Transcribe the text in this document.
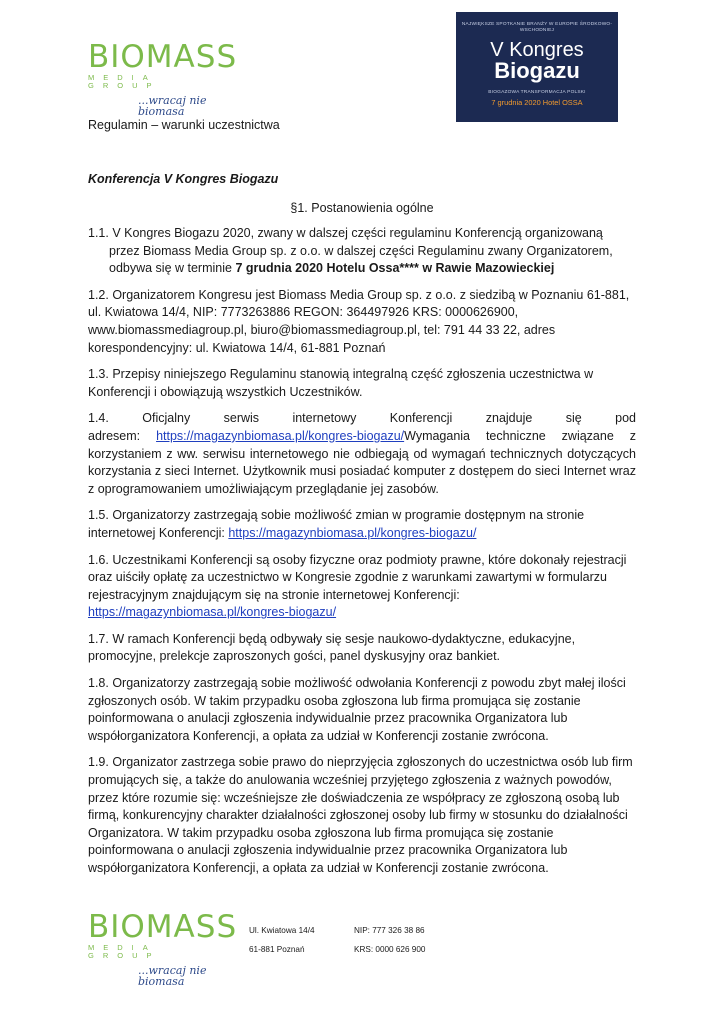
BIOMASS
MEDIA GROUP
...wracaj nie biomasa
NAJWIĘKSZE SPOTKANIE BRANŻY W EUROPIE ŚRODKOWO-WSCHODNIEJ
V Kongres
Biogazu
BIOGAZOWA TRANSFORMACJA POLSKI
7 grudnia 2020 Hotel OSSA
Regulamin – warunki uczestnictwa
Konferencja V Kongres Biogazu
§1. Postanowienia ogólne

1.1. V Kongres Biogazu 2020, zwany w dalszej części regulaminu Konferencją organizowaną przez Biomass Media Group sp. z o.o. w dalszej części Regulaminu zwany Organizatorem, odbywa się w terminie 7 grudnia 2020 Hotelu Ossa**** w Rawie Mazowieckiej

1.2. Organizatorem Kongresu jest Biomass Media Group sp. z o.o. z siedzibą w Poznaniu 61-881, ul. Kwiatowa 14/4, NIP: 7773263886 REGON: 364497926 KRS: 0000626900, www.biomassmediagroup.pl, biuro@biomassmediagroup.pl, tel: 791 44 33 22, adres korespondencyjny: ul. Kwiatowa 14/4, 61-881 Poznań

1.3. Przepisy niniejszego Regulaminu stanowią integralną część zgłoszenia uczestnictwa w Konferencji i obowiązują wszystkich Uczestników.

1.4. Oficjalny serwis internetowy Konferencji znajduje się pod adresem: https://magazynbiomasa.pl/kongres-biogazu/Wymagania techniczne związane z korzystaniem z ww. serwisu internetowego nie odbiegają od wymagań technicznych dotyczących korzystania z sieci Internet. Użytkownik musi posiadać komputer z dostępem do sieci Internet wraz z oprogramowaniem umożliwiającym przeglądanie jej zasobów.

1.5. Organizatorzy zastrzegają sobie możliwość zmian w programie dostępnym na stronie internetowej Konferencji: https://magazynbiomasa.pl/kongres-biogazu/

1.6. Uczestnikami Konferencji są osoby fizyczne oraz podmioty prawne, które dokonały rejestracji oraz uiściły opłatę za uczestnictwo w Kongresie zgodnie z warunkami zawartymi w formularzu rejestracyjnym znajdującym się na stronie internetowej Konferencji: https://magazynbiomasa.pl/kongres-biogazu/

1.7. W ramach Konferencji będą odbywały się sesje naukowo-dydaktyczne, edukacyjne, promocyjne, prelekcje zaproszonych gości, panel dyskusyjny oraz bankiet.

1.8. Organizatorzy zastrzegają sobie możliwość odwołania Konferencji z powodu zbyt małej ilości zgłoszonych osób. W takim przypadku osoba zgłoszona lub firma promująca się zostanie poinformowana o anulacji zgłoszenia indywidualnie przez pracownika Organizatora lub współorganizatora Konferencji, a opłata za udział w Konferencji zostanie zwrócona.

1.9. Organizator zastrzega sobie prawo do nieprzyjęcia zgłoszonych do uczestnictwa osób lub firm promujących się, a także do anulowania wcześniej przyjętego zgłoszenia z ważnych powodów, przez które rozumie się: wcześniejsze złe doświadczenia ze współpracy ze zgłoszoną osobą lub firmą, konkurencyjny charakter działalności zgłoszonej osoby lub firmy w stosunku do działalności Organizatora. W takim przypadku osoba zgłoszona lub firma promująca się zostanie poinformowana o anulacji zgłoszenia indywidualnie przez pracownika Organizatora lub współorganizatora Konferencji, a opłata za udział w Konferencji zostanie zwrócona.

BIOMASS
MEDIA GROUP
...wracaj nie biomasa
Ul. Kwiatowa 14/4
61-881 Poznań
NIP: 777 326 38 86
KRS: 0000 626 900
